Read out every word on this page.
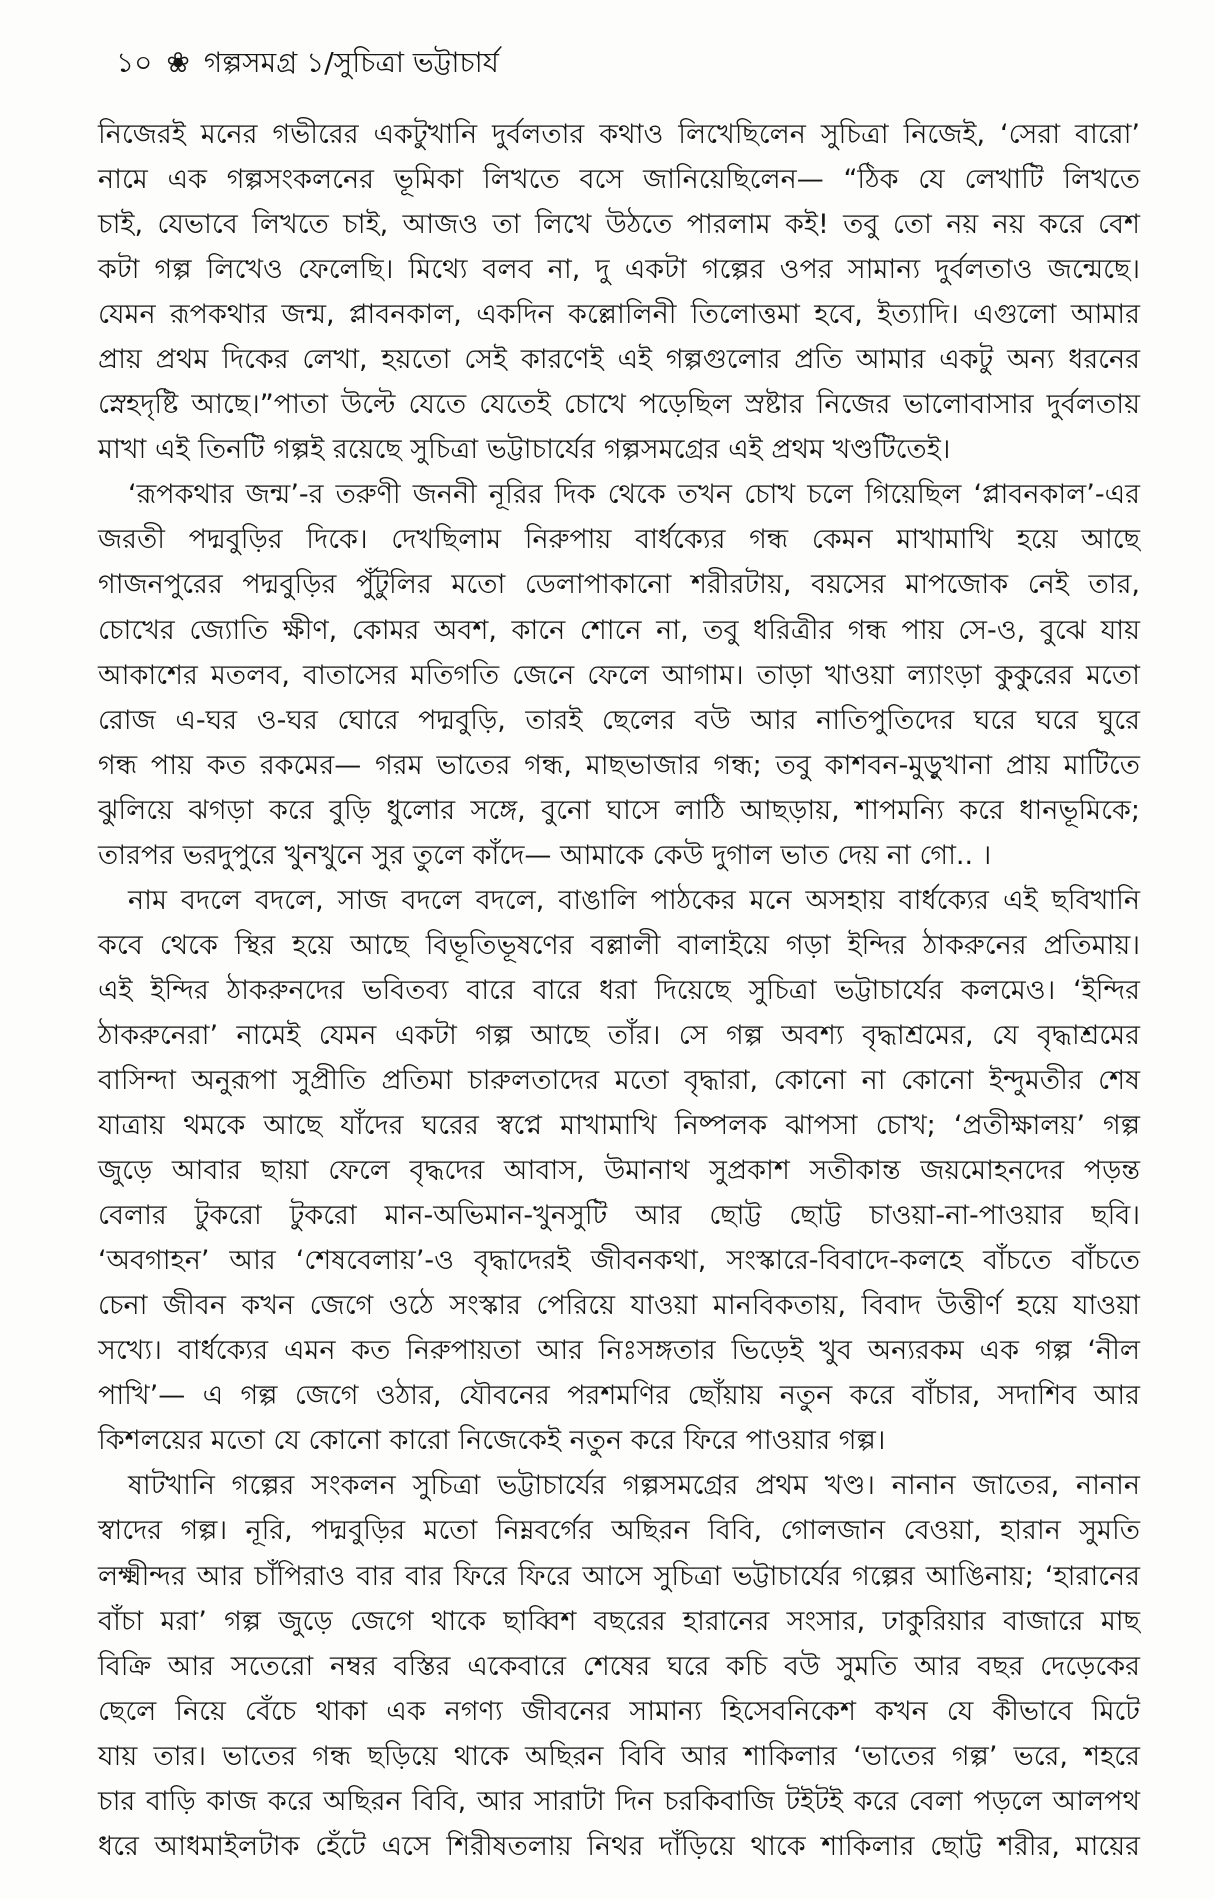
১০ ❀ গল্পসমগ্র ১/সুচিত্রা ভট্টাচার্য
নিজেরই মনের গভীরের একটুখানি দুর্বলতার কথাও লিখেছিলেন সুচিত্রা নিজেই, ‘সেরা বারো’
নামে এক গল্পসংকলনের ভূমিকা লিখতে বসে জানিয়েছিলেন— “ঠিক যে লেখাটি লিখতে
চাই, যেভাবে লিখতে চাই, আজও তা লিখে উঠতে পারলাম কই! তবু তো নয় নয় করে বেশ
কটা গল্প লিখেও ফেলেছি। মিথ্যে বলব না, দু একটা গল্পের ওপর সামান্য দুর্বলতাও জন্মেছে।
যেমন রূপকথার জন্ম, প্লাবনকাল, একদিন কল্লোলিনী তিলোত্তমা হবে, ইত্যাদি। এগুলো আমার
প্রায় প্রথম দিকের লেখা, হয়তো সেই কারণেই এই গল্পগুলোর প্রতি আমার একটু অন্য ধরনের
স্নেহদৃষ্টি আছে।”পাতা উল্টে যেতে যেতেই চোখে পড়েছিল স্রষ্টার নিজের ভালোবাসার দুর্বলতায়
মাখা এই তিনটি গল্পই রয়েছে সুচিত্রা ভট্টাচার্যের গল্পসমগ্রের এই প্রথম খণ্ডটিতেই।
‘রূপকথার জন্ম’-র তরুণী জননী নূরির দিক থেকে তখন চোখ চলে গিয়েছিল ‘প্লাবনকাল’-এর
জরতী পদ্মবুড়ির দিকে। দেখছিলাম নিরুপায় বার্ধক্যের গন্ধ কেমন মাখামাখি হয়ে আছে
গাজনপুরের পদ্মবুড়ির পুঁটুলির মতো ডেলাপাকানো শরীরটায়, বয়সের মাপজোক নেই তার,
চোখের জ্যোতি ক্ষীণ, কোমর অবশ, কানে শোনে না, তবু ধরিত্রীর গন্ধ পায় সে-ও, বুঝে যায়
আকাশের মতলব, বাতাসের মতিগতি জেনে ফেলে আগাম। তাড়া খাওয়া ল্যাংড়া কুকুরের মতো
রোজ এ-ঘর ও-ঘর ঘোরে পদ্মবুড়ি, তারই ছেলের বউ আর নাতিপুতিদের ঘরে ঘরে ঘুরে
গন্ধ পায় কত রকমের— গরম ভাতের গন্ধ, মাছভাজার গন্ধ; তবু কাশবন-মুড়ুখানা প্রায় মাটিতে
ঝুলিয়ে ঝগড়া করে বুড়ি ধুলোর সঙ্গে, বুনো ঘাসে লাঠি আছড়ায়, শাপমন্যি করে ধানভূমিকে;
তারপর ভরদুপুরে খুনখুনে সুর তুলে কাঁদে— আমাকে কেউ দুগাল ভাত দেয় না গো.. ।
নাম বদলে বদলে, সাজ বদলে বদলে, বাঙালি পাঠকের মনে অসহায় বার্ধক্যের এই ছবিখানি
কবে থেকে স্থির হয়ে আছে বিভূতিভূষণের বল্লালী বালাইয়ে গড়া ইন্দির ঠাকরুনের প্রতিমায়।
এই ইন্দির ঠাকরুনদের ভবিতব্য বারে বারে ধরা দিয়েছে সুচিত্রা ভট্টাচার্যের কলমেও। ‘ইন্দির
ঠাকরুনেরা’ নামেই যেমন একটা গল্প আছে তাঁর। সে গল্প অবশ্য বৃদ্ধাশ্রমের, যে বৃদ্ধাশ্রমের
বাসিন্দা অনুরূপা সুপ্রীতি প্রতিমা চারুলতাদের মতো বৃদ্ধারা, কোনো না কোনো ইন্দুমতীর শেষ
যাত্রায় থমকে আছে যাঁদের ঘরের স্বপ্নে মাখামাখি নিষ্পলক ঝাপসা চোখ; ‘প্রতীক্ষালয়’ গল্প
জুড়ে আবার ছায়া ফেলে বৃদ্ধদের আবাস, উমানাথ সুপ্রকাশ সতীকান্ত জয়মোহনদের পড়ন্ত
বেলার টুকরো টুকরো মান-অভিমান-খুনসুটি আর ছোট্ট ছোট্ট চাওয়া-না-পাওয়ার ছবি।
‘অবগাহন’ আর ‘শেষবেলায়’-ও বৃদ্ধাদেরই জীবনকথা, সংস্কারে-বিবাদে-কলহে বাঁচতে বাঁচতে
চেনা জীবন কখন জেগে ওঠে সংস্কার পেরিয়ে যাওয়া মানবিকতায়, বিবাদ উত্তীর্ণ হয়ে যাওয়া
সখ্যে। বার্ধক্যের এমন কত নিরুপায়তা আর নিঃসঙ্গতার ভিড়েই খুব অন্যরকম এক গল্প ‘নীল
পাখি’— এ গল্প জেগে ওঠার, যৌবনের পরশমণির ছোঁয়ায় নতুন করে বাঁচার, সদাশিব আর
কিশলয়ের মতো যে কোনো কারো নিজেকেই নতুন করে ফিরে পাওয়ার গল্প।
ষাটখানি গল্পের সংকলন সুচিত্রা ভট্টাচার্যের গল্পসমগ্রের প্রথম খণ্ড। নানান জাতের, নানান
স্বাদের গল্প। নূরি, পদ্মবুড়ির মতো নিম্নবর্গের অছিরন বিবি, গোলজান বেওয়া, হারান সুমতি
লক্ষ্মীন্দর আর চাঁপিরাও বার বার ফিরে ফিরে আসে সুচিত্রা ভট্টাচার্যের গল্পের আঙিনায়; ‘হারানের
বাঁচা মরা’ গল্প জুড়ে জেগে থাকে ছাব্বিশ বছরের হারানের সংসার, ঢাকুরিয়ার বাজারে মাছ
বিক্রি আর সতেরো নম্বর বস্তির একেবারে শেষের ঘরে কচি বউ সুমতি আর বছর দেড়েকের
ছেলে নিয়ে বেঁচে থাকা এক নগণ্য জীবনের সামান্য হিসেবনিকেশ কখন যে কীভাবে মিটে
যায় তার। ভাতের গন্ধ ছড়িয়ে থাকে অছিরন বিবি আর শাকিলার ‘ভাতের গল্প’ ভরে, শহরে
চার বাড়ি কাজ করে অছিরন বিবি, আর সারাটা দিন চরকিবাজি টইটই করে বেলা পড়লে আলপথ
ধরে আধমাইলটাক হেঁটে এসে শিরীষতলায় নিথর দাঁড়িয়ে থাকে শাকিলার ছোট্ট শরীর, মায়ের
